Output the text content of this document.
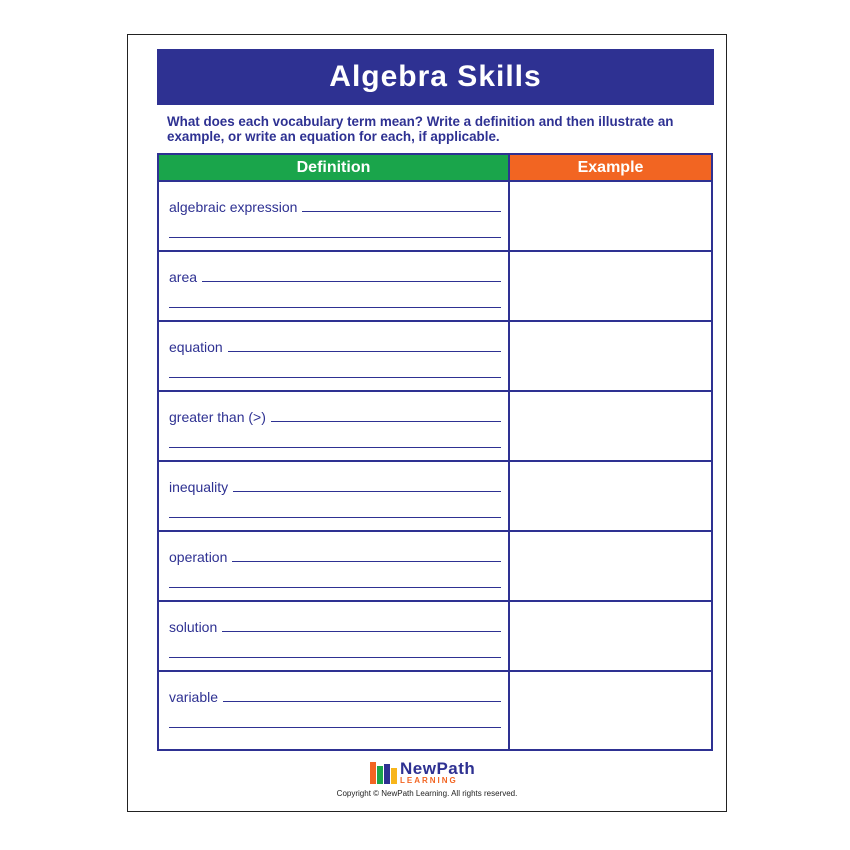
Algebra Skills
What does each vocabulary term mean? Write a definition and then illustrate an example, or write an equation for each, if applicable.
Definition	Example
algebraic expression
area
equation
greater than (>)
inequality
operation
solution
variable
NewPath
LEARNING
Copyright © NewPath Learning. All rights reserved.
